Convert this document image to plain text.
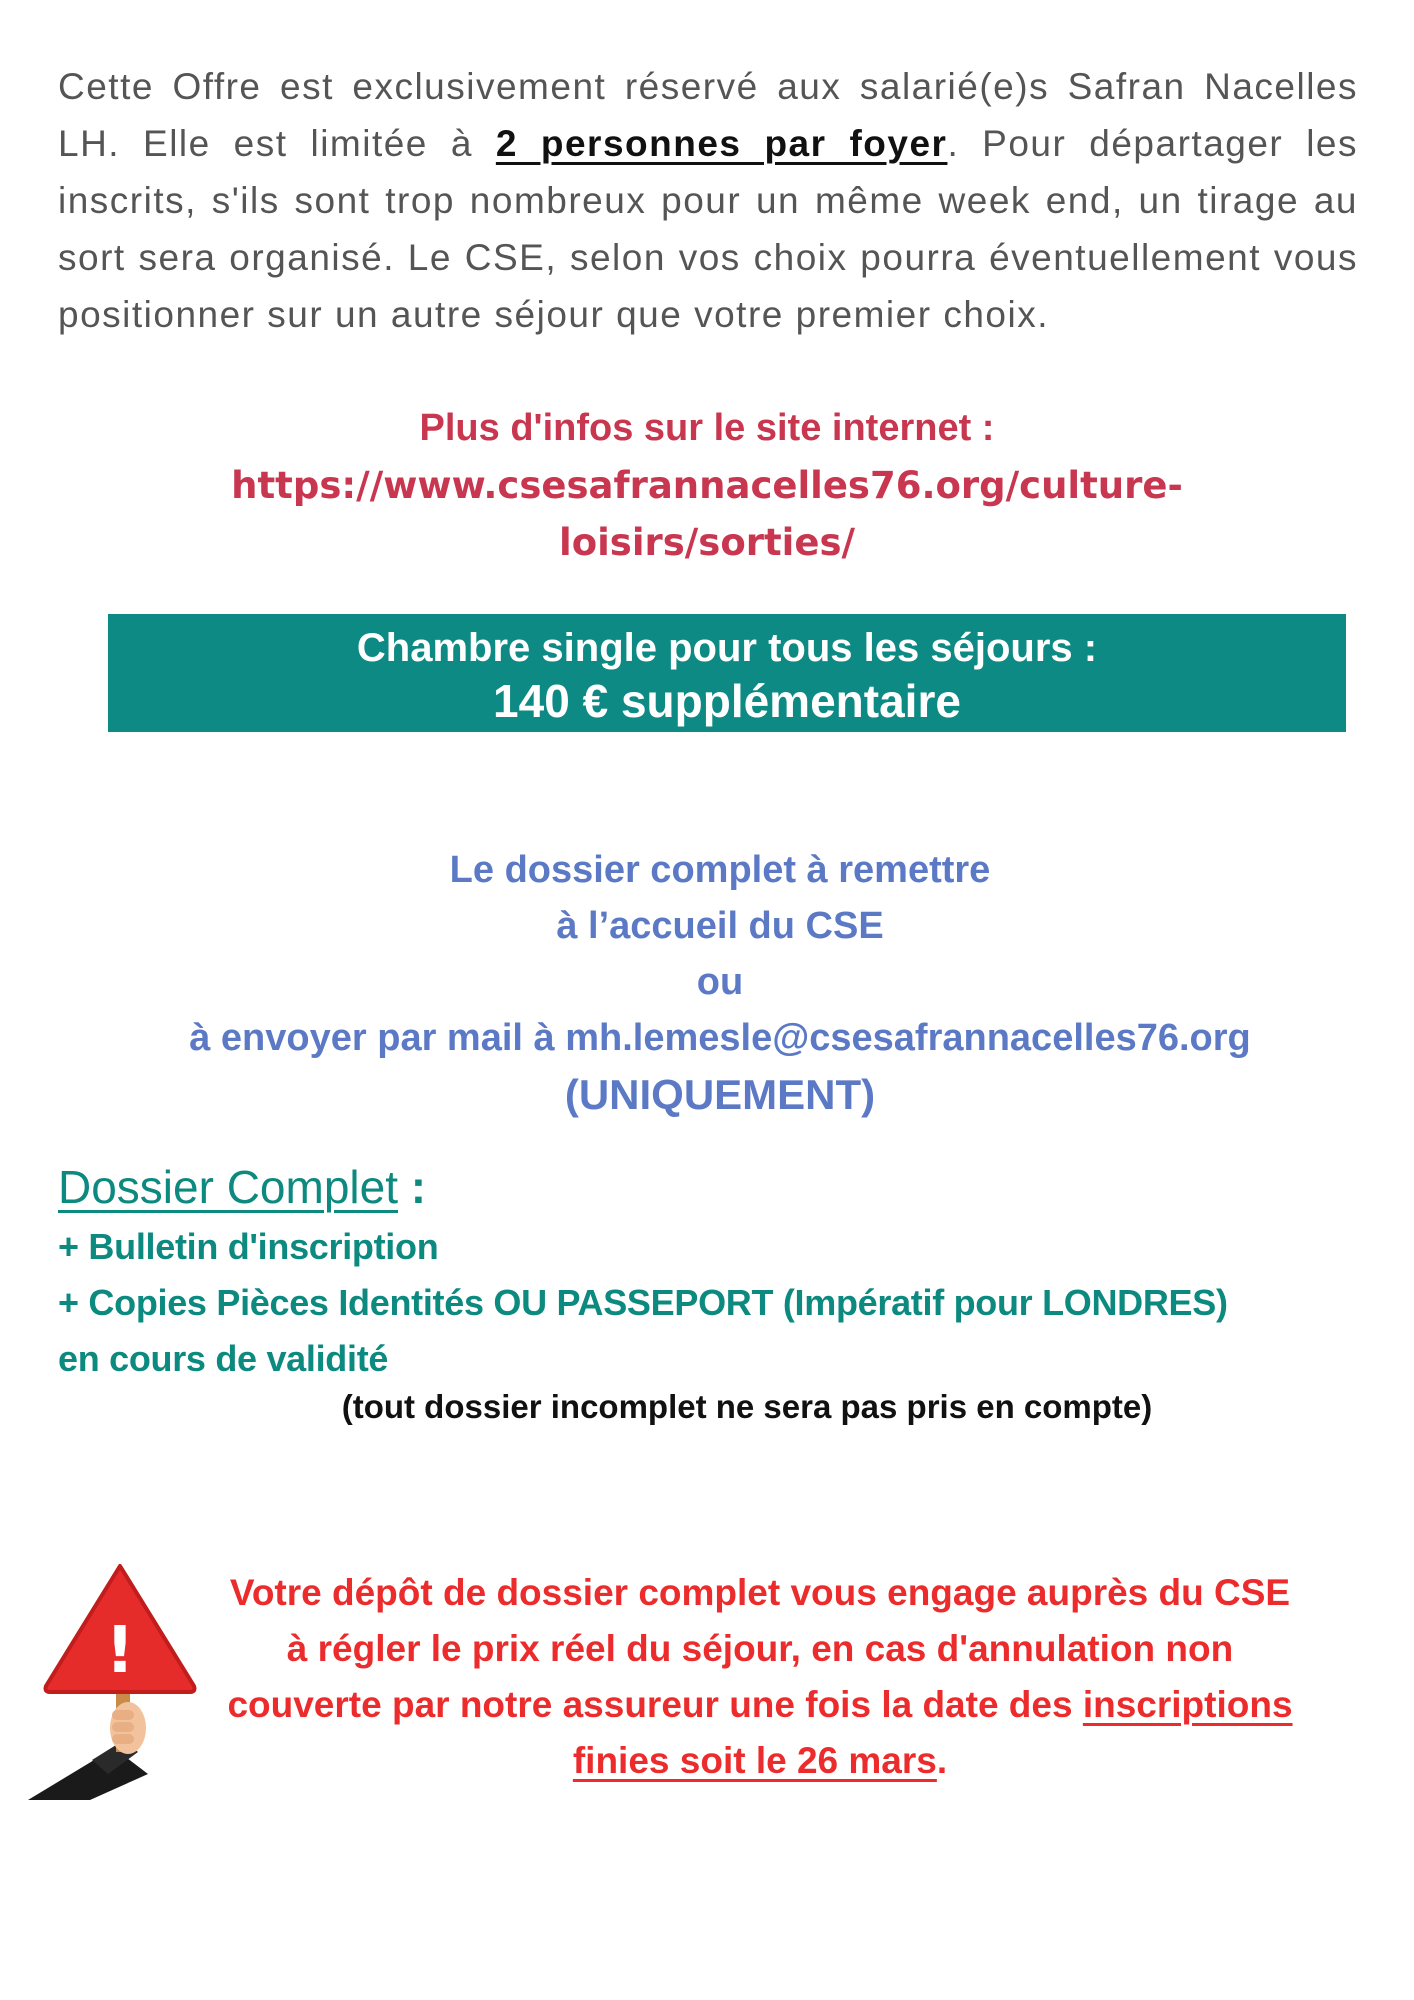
Cette Offre est exclusivement réservé aux salarié(e)s Safran Nacelles LH. Elle est limitée à 2 personnes par foyer. Pour départager les inscrits, s'ils sont trop nombreux pour un même week end, un tirage au sort sera organisé. Le CSE, selon vos choix pourra éventuellement vous positionner sur un autre séjour que votre premier choix.
Plus d'infos sur le site internet :
https://www.csesafrannacelles76.org/culture-
loisirs/sorties/
Chambre single pour tous les séjours :
140 € supplémentaire
Le dossier complet à remettre
à l’accueil du CSE
ou
à envoyer par mail à mh.lemesle@csesafrannacelles76.org
(UNIQUEMENT)
Dossier Complet :
+ Bulletin d'inscription
+ Copies Pièces Identités OU PASSEPORT (Impératif pour LONDRES)
en cours de validité
(tout dossier incomplet ne sera pas pris en compte)
!
Votre dépôt de dossier complet vous engage auprès du CSE à régler le prix réel du séjour, en cas d'annulation non couverte par notre assureur une fois la date des inscriptions finies soit le 26 mars.
